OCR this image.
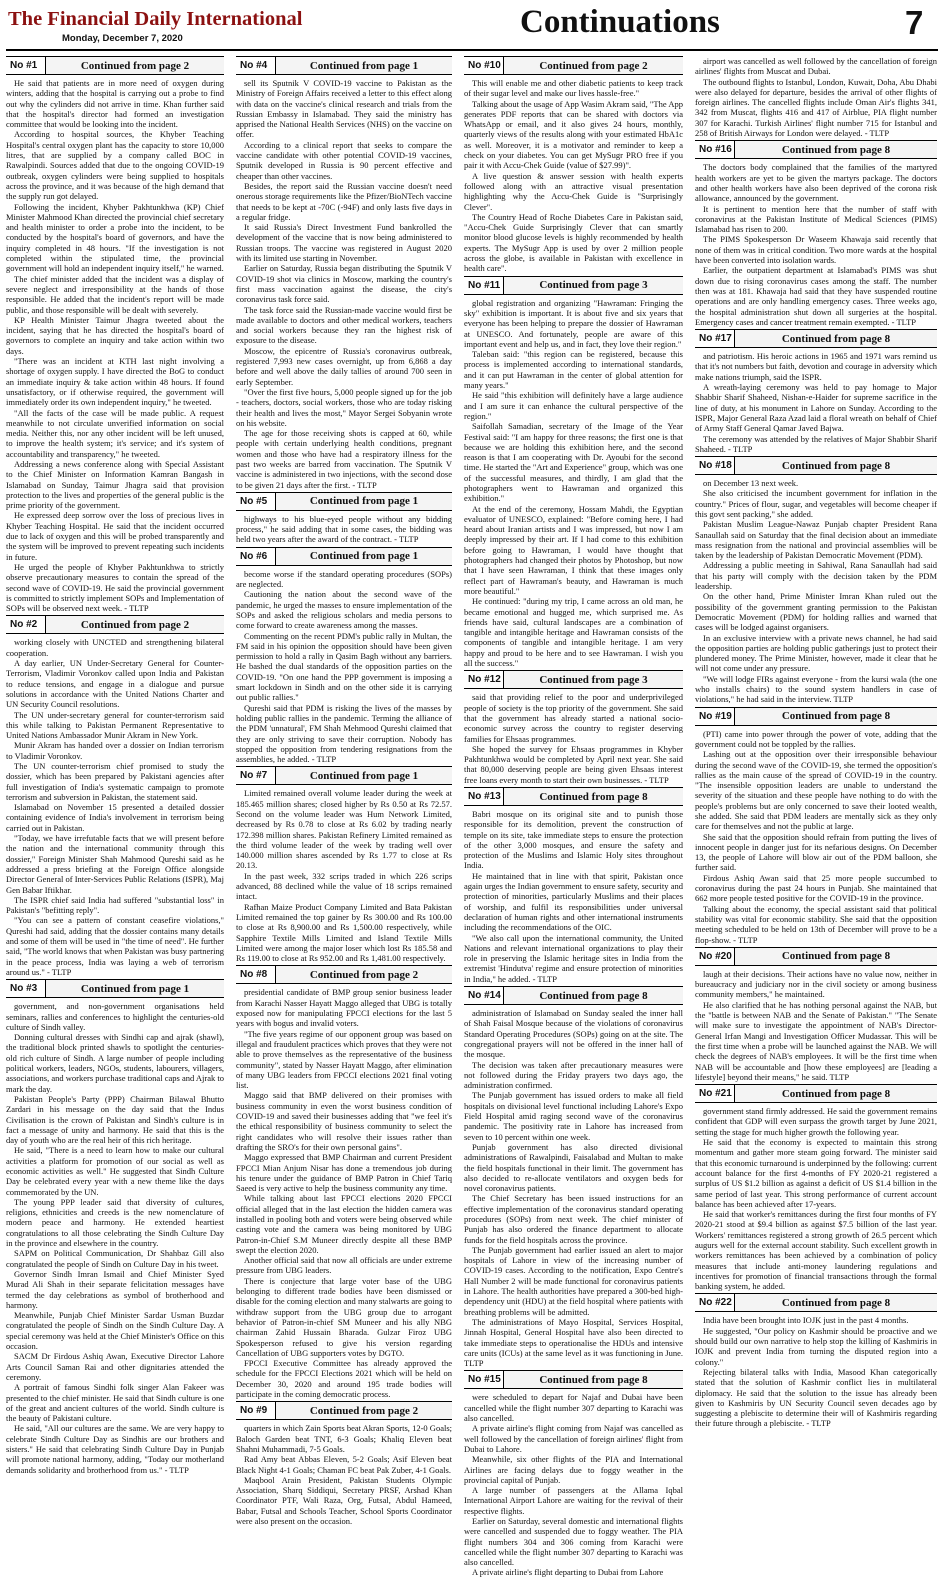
The Financial Daily International
Monday, December 7, 2020	Continuations	7
No #1	Continued from page 2

He said that patients are in more need of oxygen during winters, adding that the hospital is carrying out a probe to find out why the cylinders did not arrive in time. Khan further said that the hospital's director had formed an investigation committee that would be looking into the incident.

According to hospital sources, the Khyber Teaching Hospital's central oxygen plant has the capacity to store 10,000 litres, that are supplied by a company called BOC in Rawalpindi. Sources added that due to the ongoing COVID-19 outbreak, oxygen cylinders were being supplied to hospitals across the province, and it was because of the high demand that the supply run got delayed.

Following the incident, Khyber Pakhtunkhwa (KP) Chief Minister Mahmood Khan directed the provincial chief secretary and health minister to order a probe into the incident, to be conducted by the hospital's board of governors, and have the inquiry completed in 48 hours. "If the investigation is not completed within the stipulated time, the provincial government will hold an independent inquiry itself," he warned.

The chief minister added that the incident was a display of severe neglect and irresponsibility at the hands of those responsible. He added that the incident's report will be made public, and those responsible will be dealt with severely.

KP Health Minister Taimur Jhagra tweeted about the incident, saying that he has directed the hospital's board of governors to complete an inquiry and take action within two days.

"There was an incident at KTH last night involving a shortage of oxygen supply. I have directed the BoG to conduct an immediate inquiry & take action within 48 hours. If found unsatisfactory, or if otherwise required, the government will immediately order its own independent inquiry," he tweeted.

"All the facts of the case will be made public. A request meanwhile to not circulate unverified information on social media. Neither this, nor any other incident will be left unused, to improve the health system; it's service; and it's system of accountability and transparency," he tweeted.

Addressing a news conference along with Special Assistant to the Chief Minister on Information Kamran Bangash in Islamabad on Sunday, Taimur Jhagra said that provision protection to the lives and properties of the general public is the prime priority of the government.

He expressed deep sorrow over the loss of precious lives in Khyber Teaching Hospital. He said that the incident occurred due to lack of oxygen and this will be probed transparently and the system will be improved to prevent repeating such incidents in future.

He urged the people of Khyber Pakhtunkhwa to strictly observe precautionary measures to contain the spread of the second wave of COVID-19. He said the provincial government is committed to strictly implement SOPs and Implementation of SOPs will be observed next week. - TLTP

No #2	Continued from page 2

working closely with UNCTED and strengthening bilateral cooperation.

A day earlier, UN Under-Secretary General for Counter-Terrorism, Vladimir Voronkov called upon India and Pakistan to reduce tensions, and engage in a dialogue and pursue solutions in accordance with the United Nations Charter and UN Security Council resolutions.

The UN under-secretary general for counter-terrorism said this while talking to Pakistan Permanent Representative to United Nations Ambassador Munir Akram in New York.

Munir Akram has handed over a dossier on Indian terrorism to Vladimir Voronkov.

The UN counter-terrorism chief promised to study the dossier, which has been prepared by Pakistani agencies after full investigation of India's systematic campaign to promote terrorism and subversion in Pakistan, the statement said.

Islamabad on November 15 presented a detailed dossier containing evidence of India's involvement in terrorism being carried out in Pakistan.

"Today, we have irrefutable facts that we will present before the nation and the international community through this dossier," Foreign Minister Shah Mahmood Qureshi said as he addressed a press briefing at the Foreign Office alongside Director General of Inter-Services Public Relations (ISPR), Maj Gen Babar Iftikhar.

The ISPR chief said India had suffered "substantial loss" in Pakistan's "befitting reply".

"You can see a pattern of constant ceasefire violations," Qureshi had said, adding that the dossier contains many details and some of them will be used in "the time of need". He further said, "The world knows that when Pakistan was busy partnering in the peace process, India was laying a web of terrorism around us." - TLTP

No #3	Continued from page 1

government, and non-government organisations held seminars, rallies and conferences to highlight the centuries-old culture of Sindh valley.

Donning cultural dresses with Sindhi cap and ajrak (shawl), the traditional block printed shawls to spotlight the centuries-old rich culture of Sindh. A large number of people including political workers, leaders, NGOs, students, labourers, villagers, associations, and workers purchase traditional caps and Ajrak to mark the day.

Pakistan People's Party (PPP) Chairman Bilawal Bhutto Zardari in his message on the day said that the Indus Civilisation is the crown of Pakistan and Sindh's culture is in fact a message of unity and harmony. He said that this is the day of youth who are the real heir of this rich heritage.

He said, "There is a need to learn how to make our cultural activities a platform for promotion of our social as well as economic activities as well." He suggested that Sindh Culture Day be celebrated every year with a new theme like the days commemorated by the UN.

The young PPP leader said that diversity of cultures, religions, ethnicities and creeds is the new nomenclature of modern peace and harmony. He extended heartiest congratulations to all those celebrating the Sindh Culture Day in the province and elsewhere in the country.

SAPM on Political Communication, Dr Shahbaz Gill also congratulated the people of Sindh on Culture Day in his tweet.

Governor Sindh Imran Ismail and Chief Minister Syed Murad Ali Shah in their separate felicitation messages have termed the day celebrations as symbol of brotherhood and harmony.

Meanwhile, Punjab Chief Minister Sardar Usman Buzdar congratulated the people of Sindh on the Sindh Culture Day. A special ceremony was held at the Chief Minister's Office on this occasion.

SACM Dr Firdous Ashiq Awan, Executive Director Lahore Arts Council Saman Rai and other dignitaries attended the ceremony.

A portrait of famous Sindhi folk singer Alan Fakeer was presented to the chief minister. He said that Sindh culture is one of the great and ancient cultures of the world. Sindh culture is the beauty of Pakistani culture.

He said, "All our cultures are the same. We are very happy to celebrate Sindh Culture Day as Sindhis are our brothers and sisters." He said that celebrating Sindh Culture Day in Punjab will promote national harmony, adding, "Today our motherland demands solidarity and brotherhood from us." - TLTP

No #4	Continued from page 1

sell its Sputnik V COVID-19 vaccine to Pakistan as the Ministry of Foreign Affairs received a letter to this effect along with data on the vaccine's clinical research and trials from the Russian Embassy in Islamabad. They said the ministry has apprised the National Health Services (NHS) on the vaccine on offer.

According to a clinical report that seeks to compare the vaccine candidate with other potential COVID-19 vaccines, Sputnik developed in Russia is 90 percent effective and cheaper than other vaccines.

Besides, the report said the Russian vaccine doesn't need onerous storage requirements like the Pfizer/BioNTech vaccine that needs to be kept at -70C (-94F) and only lasts five days in a regular fridge.

It said Russia's Direct Investment Fund bankrolled the development of the vaccine that is now being administered to Russian troops. The vaccine was registered in August 2020 with its limited use starting in November.

Earlier on Saturday, Russia began distributing the Sputnik V COVID-19 shot via clinics in Moscow, marking the country's first mass vaccination against the disease, the city's coronavirus task force said.

The task force said the Russian-made vaccine would first be made available to doctors and other medical workers, teachers and social workers because they ran the highest risk of exposure to the disease.

Moscow, the epicentre of Russia's coronavirus outbreak, registered 7,993 new cases overnight, up from 6,868 a day before and well above the daily tallies of around 700 seen in early September.

"Over the first five hours, 5,000 people signed up for the job - teachers, doctors, social workers, those who are today risking their health and lives the most," Mayor Sergei Sobyanin wrote on his website.

The age for those receiving shots is capped at 60, while people with certain underlying health conditions, pregnant women and those who have had a respiratory illness for the past two weeks are barred from vaccination. The Sputnik V vaccine is administered in two injections, with the second dose to be given 21 days after the first. - TLTP

No #5	Continued from page 1

highways to his blue-eyed people without any bidding process," he said adding that in some cases, the bidding was held two years after the award of the contract. - TLTP

No #6	Continued from page 1

become worse if the standard operating procedures (SOPs) are neglected.

Cautioning the nation about the second wave of the pandemic, he urged the masses to ensure implementation of the SOPs and asked the religious scholars and media persons to come forward to create awareness among the masses.

Commenting on the recent PDM's public rally in Multan, the FM said in his opinion the opposition should have been given permission to hold a rally in Qasim Bagh without any barriers. He bashed the dual standards of the opposition parties on the COVID-19. "On one hand the PPP government is imposing a smart lockdown in Sindh and on the other side it is carrying out public rallies."

Qureshi said that PDM is risking the lives of the masses by holding public rallies in the pandemic. Terming the alliance of the PDM 'unnatural', FM Shah Mehmood Qureshi claimed that they are only striving to save their corruption. Nobody has stopped the opposition from tendering resignations from the assemblies, he added. - TLTP

No #7	Continued from page 1

Limited remained overall volume leader during the week at 185.465 million shares; closed higher by Rs 0.50 at Rs 72.57. Second on the volume leader was Hum Network Limited, decreased by Rs 0.78 to close at Rs 6.02 by trading nearly 172.398 million shares. Pakistan Refinery Limited remained as the third volume leader of the week by trading well over 140.000 million shares ascended by Rs 1.77 to close at Rs 20.13.

In the past week, 332 scrips traded in which 226 scrips advanced, 88 declined while the value of 18 scrips remained intact.

Rafhan Maize Product Company Limited and Bata Pakistan Limited remained the top gainer by Rs 300.00 and Rs 100.00 to close at Rs 8,900.00 and Rs 1,500.00 respectively, while Sapphire Textile Mills Limited and Island Textile Mills Limited were among the major loser which lost Rs 185.58 and Rs 119.00 to close at Rs 952.00 and Rs 1,481.00 respectively.

No #8	Continued from page 2

presidential candidate of BMP group senior business leader from Karachi Nasser Hayatt Maggo alleged that UBG is totally exposed now for manipulating FPCCI elections for the last 5 years with bogus and invalid voters.

"The five years regime of our opponent group was based on illegal and fraudulent practices which proves that they were not able to prove themselves as the representative of the business community", stated by Nasser Hayatt Maggo, after elimination of many UBG leaders from FPCCI elections 2021 final voting list.

Maggo said that BMP delivered on their promises with business community in even the worst business condition of COVID-19 and saved their businesses adding that "we feel it's the ethical responsibility of business community to select the right candidates who will resolve their issues rather than drafting the SRO's for their own personal gains".

Maggo expressed that BMP Chairman and current President FPCCI Mian Anjum Nisar has done a tremendous job during his tenure under the guidance of BMP Patron in Chief Tariq Saeed is very active to help the business community any time.

While talking about last FPCCI elections 2020 FPCCI official alleged that in the last election the hidden camera was installed in pooling both and voters were being observed while casting vote and the camera was being monitored by UBG Patron-in-Chief S.M Muneer directly despite all these BMP swept the election 2020.

Another official said that now all officials are under extreme pressure from UBG leaders.

There is conjecture that large voter base of the UBG belonging to different trade bodies have been dismissed or disable for the coming election and many stalwarts are going to withdraw support from the UBG group due to arrogant behavior of Patron-in-chief SM Muneer and his ally NBG chairman Zahid Hussain Bharada. Gulzar Firoz UBG Spokesperson refused to give his version regarding Cancellation of UBG supporters votes by DGTO.

FPCCI Executive Committee has already approved the schedule for the FPCCI Elections 2021 which will be held on December 30, 2020 and around 195 trade bodies will participate in the coming democratic process.

No #9	Continued from page 2

quarters in which Zain Sports beat Akran Sports, 12-0 Goals; Baloch Garden beat TNT, 6-3 Goals; Khaliq Eleven beat Shahni Muhammadi, 7-5 Goals.

Rad Amy beat Abbas Eleven, 5-2 Goals; Asif Eleven beat Black Night 4-1 Goals; Chaman FC beat Pak Zuber, 4-1 Goals.

Maqbool Arain President, Pakistan Students Olympic Association, Sharq Siddiqui, Secretary PRSF, Arshad Khan Coordinator PTF, Wali Raza, Org, Futsal, Abdul Hameed, Babar, Futsal and Schools Teacher, School Sports Coordinator were also present on the occasion.

No #10	Continued from page 2

This will enable me and other diabetic patients to keep track of their sugar level and make our lives hassle-free."

Talking about the usage of App Wasim Akram said, "The App generates PDF reports that can be shared with doctors via WhatsApp or email, and it also gives 24 hours, monthly, quarterly views of the results along with your estimated HbA1c as well. Moreover, it is a motivator and reminder to keep a check on your diabetes. You can get MySugr PRO free if you pair it with Accu-Chek Guide (value of $27.99)".

A live question & answer session with health experts followed along with an attractive visual presentation highlighting why the Accu-Chek Guide is "Surprisingly Clever".

The Country Head of Roche Diabetes Care in Pakistan said, "Accu-Chek Guide Surprisingly Clever that can smartly monitor blood glucose levels is highly recommended by health experts. The MySugr App is used by over 2 million people across the globe, is available in Pakistan with excellence in health care".

No #11	Continued from page 3

global registration and organizing "Hawraman: Fringing the sky" exhibition is important. It is about five and six years that everyone has been helping to prepare the dossier of Hawraman at UNESCO. And fortunately, people are aware of this important event and help us, and in fact, they love their region."

Taleban said: "this region can be registered, because this process is implemented according to international standards, and it can put Hawraman in the center of global attention for many years."

He said "this exhibition will definitely have a large audience and I am sure it can enhance the cultural perspective of the region."

Saifollah Samadian, secretary of the Image of the Year Festival said: "I am happy for three reasons; the first one is that because we are holding this exhibition here, and the second reason is that I am cooperating with Dr. Ayoubi for the second time. He started the "Art and Experience" group, which was one of the successful measures, and thirdly, I am glad that the photographers went to Hawraman and organized this exhibition."

At the end of the ceremony, Hossam Mahdi, the Egyptian evaluator of UNESCO, explained: "Before coming here, I had heard about Iranian artists and I was impressed, but now I am deeply impressed by their art. If I had come to this exhibition before going to Hawraman, I would have thought that photographers had changed their photos by Photoshop, but now that I have seen Hawraman, I think that these images only reflect part of Hawraman's beauty, and Hawraman is much more beautiful."

He continued: "during my trip, I came across an old man, he became emotional and hugged me, which surprised me. As friends have said, cultural landscapes are a combination of tangible and intangible heritage and Hawraman consists of the components of tangible and intangible heritage. I am very happy and proud to be here and to see Hawraman. I wish you all the success."

No #12	Continued from page 3

said that providing relief to the poor and underprivileged people of society is the top priority of the government. She said that the government has already started a national socio-economic survey across the country to register deserving families for Ehsaas programmes.

She hoped the survey for Ehsaas programmes in Khyber Pakhtunkhwa would be completed by April next year. She said that 80,000 deserving people are being given Ehsaas interest free loans every month to start their own businesses. - TLTP

No #13	Continued from page 8

Babri mosque on its original site and to punish those responsible for its demolition, prevent the construction of temple on its site, take immediate steps to ensure the protection of the other 3,000 mosques, and ensure the safety and protection of the Muslims and Islamic Holy sites throughout India.

He maintained that in line with that spirit, Pakistan once again urges the Indian government to ensure safety, security and protection of minorities, particularly Muslims and their places of worship, and fulfil its responsibilities under universal declaration of human rights and other international instruments including the recommendations of the OIC.

"We also call upon the international community, the United Nations and relevant international organizations to play their role in preserving the Islamic heritage sites in India from the extremist 'Hindutva' regime and ensure protection of minorities in India," he added. - TLTP

No #14	Continued from page 8

administration of Islamabad on Sunday sealed the inner hall of Shah Faisal Mosque because of the violations of coronavirus Standard Operating Procedures (SOPs) going on at the site. The congregational prayers will not be offered in the inner hall of the mosque.

The decision was taken after precautionary measures were not followed during the Friday prayers two days ago, the administration confirmed.

The Punjab government has issued orders to make all field hospitals on divisional level functional including Lahore's Expo Field Hospital amid raging second wave of the coronavirus pandemic. The positivity rate in Lahore has increased from seven to 10 percent within one week.

Punjab government has also directed divisional administrations of Rawalpindi, Faisalabad and Multan to make the field hospitals functional in their limit. The government has also decided to re-allocate ventilators and oxygen beds for novel coronavirus patients.

The Chief Secretary has been issued instructions for an effective implementation of the coronavirus standard operating procedures (SOPs) from next week. The chief minister of Punjab has also ordered the finance department to allocate funds for the field hospitals across the province.

The Punjab government had earlier issued an alert to major hospitals of Lahore in view of the increasing number of COVID-19 cases. According to the notification, Expo Centre's Hall Number 2 will be made functional for coronavirus patients in Lahore. The health authorities have prepared a 300-bed high-dependency unit (HDU) at the field hospital where patients with breathing problems will be admitted.

The administrations of Mayo Hospital, Services Hospital, Jinnah Hospital, General Hospital have also been directed to take immediate steps to operationalise the HDUs and intensive care units (ICUs) at the same level as it was functioning in June. TLTP

No #15	Continued from page 8

were scheduled to depart for Najaf and Dubai have been cancelled while the flight number 307 departing to Karachi was also cancelled.

A private airline's flight coming from Najaf was cancelled as well followed by the cancellation of foreign airlines' flight from Dubai to Lahore.

Meanwhile, six other flights of the PIA and International Airlines are facing delays due to foggy weather in the provincial capital of Punjab.

A large number of passengers at the Allama Iqbal International Airport Lahore are waiting for the revival of their respective flights.

Earlier on Saturday, several domestic and international flights were cancelled and suspended due to foggy weather. The PIA flight numbers 304 and 306 coming from Karachi were cancelled while the flight number 307 departing to Karachi was also cancelled.

A private airline's flight departing to Dubai from Lahore

airport was cancelled as well followed by the cancellation of foreign airlines' flights from Muscat and Dubai.

The outbound flights to Istanbul, London, Kuwait, Doha, Abu Dhabi were also delayed for departure, besides the arrival of other flights of foreign airlines. The cancelled flights include Oman Air's flights 341, 342 from Muscat, flights 416 and 417 of Airblue, PIA flight number 307 for Karachi. Turkish Airlines' flight number 715 for Istanbul and 258 of British Airways for London were delayed. - TLTP

No #16	Continued from page 8

The doctors body complained that the families of the martyred health workers are yet to be given the martyrs package. The doctors and other health workers have also been deprived of the corona risk allowance, announced by the government.

It is pertinent to mention here that the number of staff with coronavirus at the Pakistan Institute of Medical Sciences (PIMS) Islamabad has risen to 200.

The PIMS Spokesperson Dr Waseem Khawaja said recently that none of them was in critical condition. Two more wards at the hospital have been converted into isolation wards.

Earlier, the outpatient department at Islamabad's PIMS was shut down due to rising coronavirus cases among the staff. The number then was at 181. Khawaja had said that they have suspended routine operations and are only handling emergency cases. Three weeks ago, the hospital administration shut down all surgeries at the hospital. Emergency cases and cancer treatment remain exempted. - TLTP

No #17	Continued from page 8

and patriotism. His heroic actions in 1965 and 1971 wars remind us that it's not numbers but faith, devotion and courage in adversity which make nations triumph, said the ISPR.

A wreath-laying ceremony was held to pay homage to Major Shabbir Sharif Shaheed, Nishan-e-Haider for supreme sacrifice in the line of duty, at his monument in Lahore on Sunday. According to the ISPR, Major General Raza Azad laid a floral wreath on behalf of Chief of Army Staff General Qamar Javed Bajwa.

The ceremony was attended by the relatives of Major Shabbir Sharif Shaheed. - TLTP

No #18	Continued from page 8

on December 13 next week.

She also criticised the incumbent government for inflation in the country." Prices of flour, sugar, and vegetables will become cheaper if this govt sent packing," she added.

Pakistan Muslim League-Nawaz Punjab chapter President Rana Sanaullah said on Saturday that the final decision about an immediate mass resignation from the national and provincial assemblies will be taken by the leadership of Pakistan Democratic Movement (PDM).

Addressing a public meeting in Sahiwal, Rana Sanaullah had said that his party will comply with the decision taken by the PDM leadership.

On the other hand, Prime Minister Imran Khan ruled out the possibility of the government granting permission to the Pakistan Democratic Movement (PDM) for holding rallies and warned that cases will be lodged against organisers.

In an exclusive interview with a private news channel, he had said the opposition parties are holding public gatherings just to protect their plundered money. The Prime Minister, however, made it clear that he will not come under any pressure.

"We will lodge FIRs against everyone - from the kursi wala (the one who installs chairs) to the sound system handlers in case of violations," he had said in the interview. TLTP

No #19	Continued from page 8

(PTI) came into power through the power of vote, adding that the government could not be toppled by the rallies.

Lashing out at the opposition over their irresponsible behaviour during the second wave of the COVID-19, she termed the opposition's rallies as the main cause of the spread of COVID-19 in the country. "The insensible opposition leaders are unable to understand the severity of the situation and these people have nothing to do with the people's problems but are only concerned to save their looted wealth, she added. She said that PDM leaders are mentally sick as they only care for themselves and not the public at large.

She said that the opposition should refrain from putting the lives of innocent people in danger just for its nefarious designs. On December 13, the people of Lahore will blow air out of the PDM balloon, she further said.

Firdous Ashiq Awan said that 25 more people succumbed to coronavirus during the past 24 hours in Punjab. She maintained that 662 more people tested positive for the COVID-19 in the province.

Talking about the economy, the special assistant said that political stability was vital for economic stability. She said that the opposition meeting scheduled to be held on 13th of December will prove to be a flop-show. - TLTP

No #20	Continued from page 8

laugh at their decisions. Their actions have no value now, neither in bureaucracy and judiciary nor in the civil society or among business community members," he maintained.

He also clarified that he has nothing personal against the NAB, but the "battle is between NAB and the Senate of Pakistan." "The Senate will make sure to investigate the appointment of NAB's Director-General Irfan Mangi and Investigation Officer Mudassar. This will be the first time when a probe will be launched against the NAB. We will check the degrees of NAB's employees. It will be the first time when NAB will be accountable and [how these employees] are [leading a lifestyle] beyond their means," he said. TLTP

No #21	Continued from page 8

government stand firmly addressed. He said the government remains confident that GDP will even surpass the growth target by June 2021, setting the stage for much higher growth the following year.

He said that the economy is expected to maintain this strong momentum and gather more steam going forward. The minister said that this economic turnaround is underpinned by the following: current account balance for the first 4-months of FY 2020-21 registered a surplus of US $1.2 billion as against a deficit of US $1.4 billion in the same period of last year. This strong performance of current account balance has been achieved after 17-years.

He said that worker's remittances during the first four months of FY 2020-21 stood at $9.4 billion as against $7.5 billion of the last year. Workers' remittances registered a strong growth of 26.5 percent which augurs well for the external account stability. Such excellent growth in workers remittances has been achieved by a combination of policy measures that include anti-money laundering regulations and incentives for promotion of financial transactions through the formal banking system, he added.

No #22	Continued from page 8

India have been brought into IOJK just in the past 4 months.

He suggested, "Our policy on Kashmir should be proactive and we should build our own narrative to help stop the killing of Kashmiris in IOJK and prevent India from turning the disputed region into a colony."

Rejecting bilateral talks with India, Masood Khan categorically stated that the solution of Kashmir conflict lies in multilateral diplomacy. He said that the solution to the issue has already been given to Kashmiris by UN Security Council seven decades ago by suggesting a plebiscite to determine their will of Kashmiris regarding their future through a plebiscite. - TLTP
